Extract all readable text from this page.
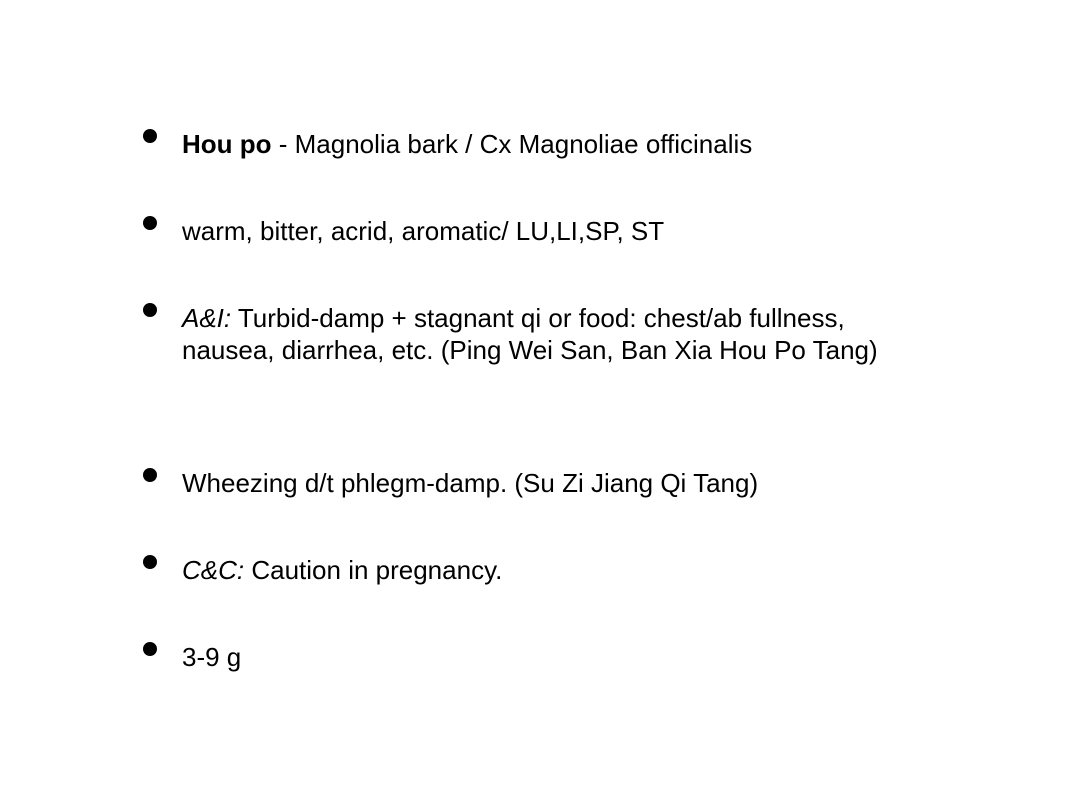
Hou po - Magnolia bark / Cx Magnoliae officinalis
warm, bitter, acrid, aromatic/ LU,LI,SP, ST
A&I: Turbid-damp + stagnant qi or food: chest/ab fullness, nausea, diarrhea, etc. (Ping Wei San, Ban Xia Hou Po Tang)
Wheezing d/t phlegm-damp. (Su Zi Jiang Qi Tang)
C&C: Caution in pregnancy.
3-9 g
